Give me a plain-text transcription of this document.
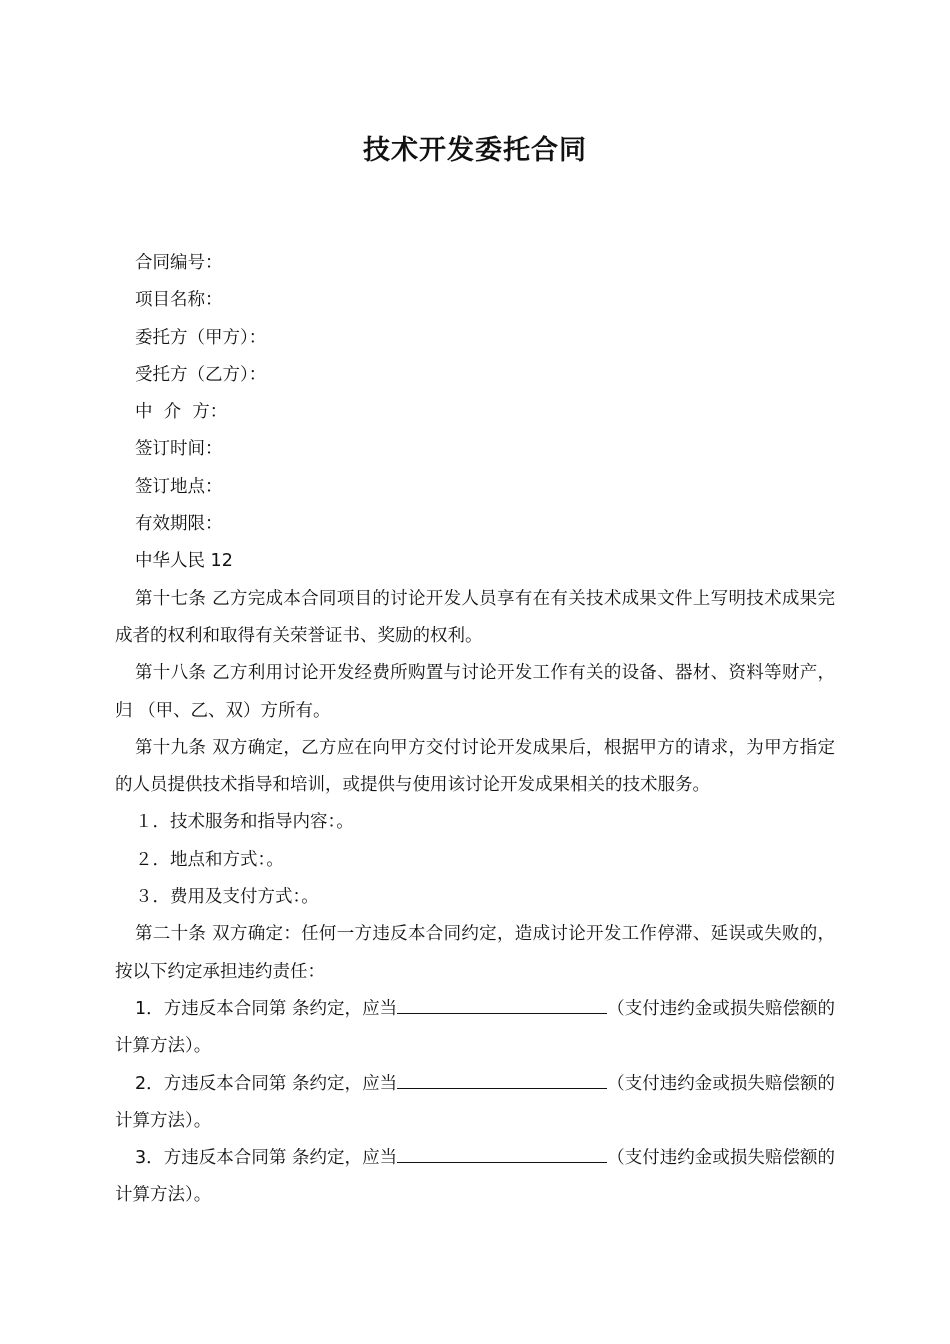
技术开发委托合同
合同编号：
项目名称：
委托方（甲方）：
受托方（乙方）：
中  介  方：
签订时间：
签订地点：
有效期限：
中华人民 12
第十七条 乙方完成本合同项目的讨论开发人员享有在有关技术成果文件上写明技术成果完成者的权利和取得有关荣誉证书、奖励的权利。
第十八条 乙方利用讨论开发经费所购置与讨论开发工作有关的设备、器材、资料等财产，归 （甲、乙、双）方所有。
第十九条 双方确定，乙方应在向甲方交付讨论开发成果后，根据甲方的请求，为甲方指定的人员提供技术指导和培训，或提供与使用该讨论开发成果相关的技术服务。
１．技术服务和指导内容：。
２．地点和方式：。
３．费用及支付方式：。
第二十条 双方确定：任何一方违反本合同约定，造成讨论开发工作停滞、延误或失败的，按以下约定承担违约责任：
1．方违反本合同第 条约定，应当	（支付违约金或损失赔偿额的计算方法）。
2．方违反本合同第 条约定，应当	（支付违约金或损失赔偿额的计算方法）。
3．方违反本合同第 条约定，应当	（支付违约金或损失赔偿额的计算方法）。
